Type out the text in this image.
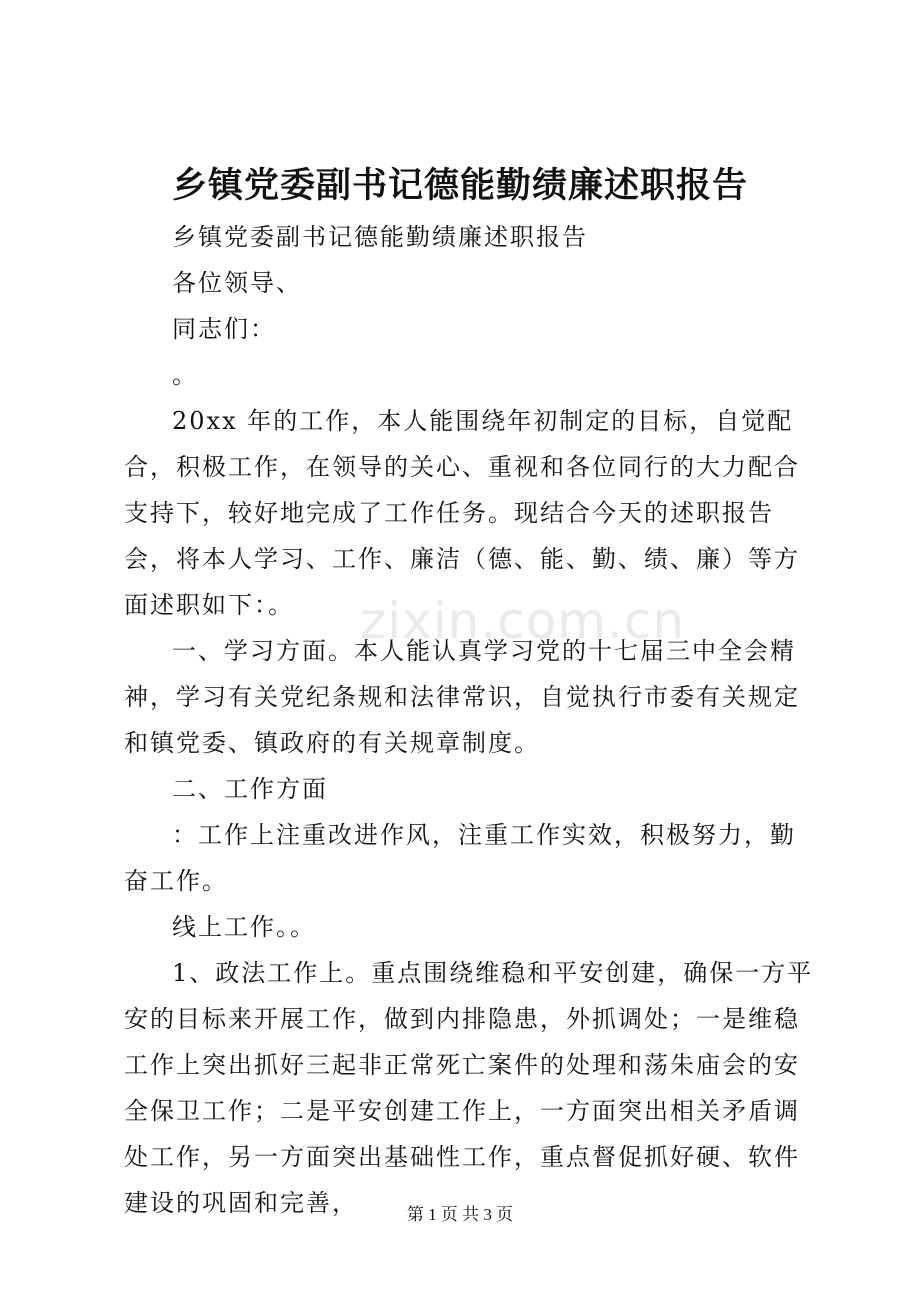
乡镇党委副书记德能勤绩廉述职报告

乡镇党委副书记德能勤绩廉述职报告

各位领导、

同志们：

。

20xx 年的工作，本人能围绕年初制定的目标，自觉配合，积极工作，在领导的关心、重视和各位同行的大力配合支持下，较好地完成了工作任务。现结合今天的述职报告会，将本人学习、工作、廉洁（德、能、勤、绩、廉）等方面述职如下：。

一、学习方面。本人能认真学习党的十七届三中全会精神，学习有关党纪条规和法律常识，自觉执行市委有关规定和镇党委、镇政府的有关规章制度。

二、工作方面

：工作上注重改进作风，注重工作实效，积极努力，勤奋工作。

线上工作。。

1、政法工作上。重点围绕维稳和平安创建，确保一方平安的目标来开展工作，做到内排隐患，外抓调处；一是维稳工作上突出抓好三起非正常死亡案件的处理和荡朱庙会的安全保卫工作；二是平安创建工作上，一方面突出相关矛盾调处工作，另一方面突出基础性工作，重点督促抓好硬、软件建设的巩固和完善，

zixin.com.cn
第 1 页 共 3 页
